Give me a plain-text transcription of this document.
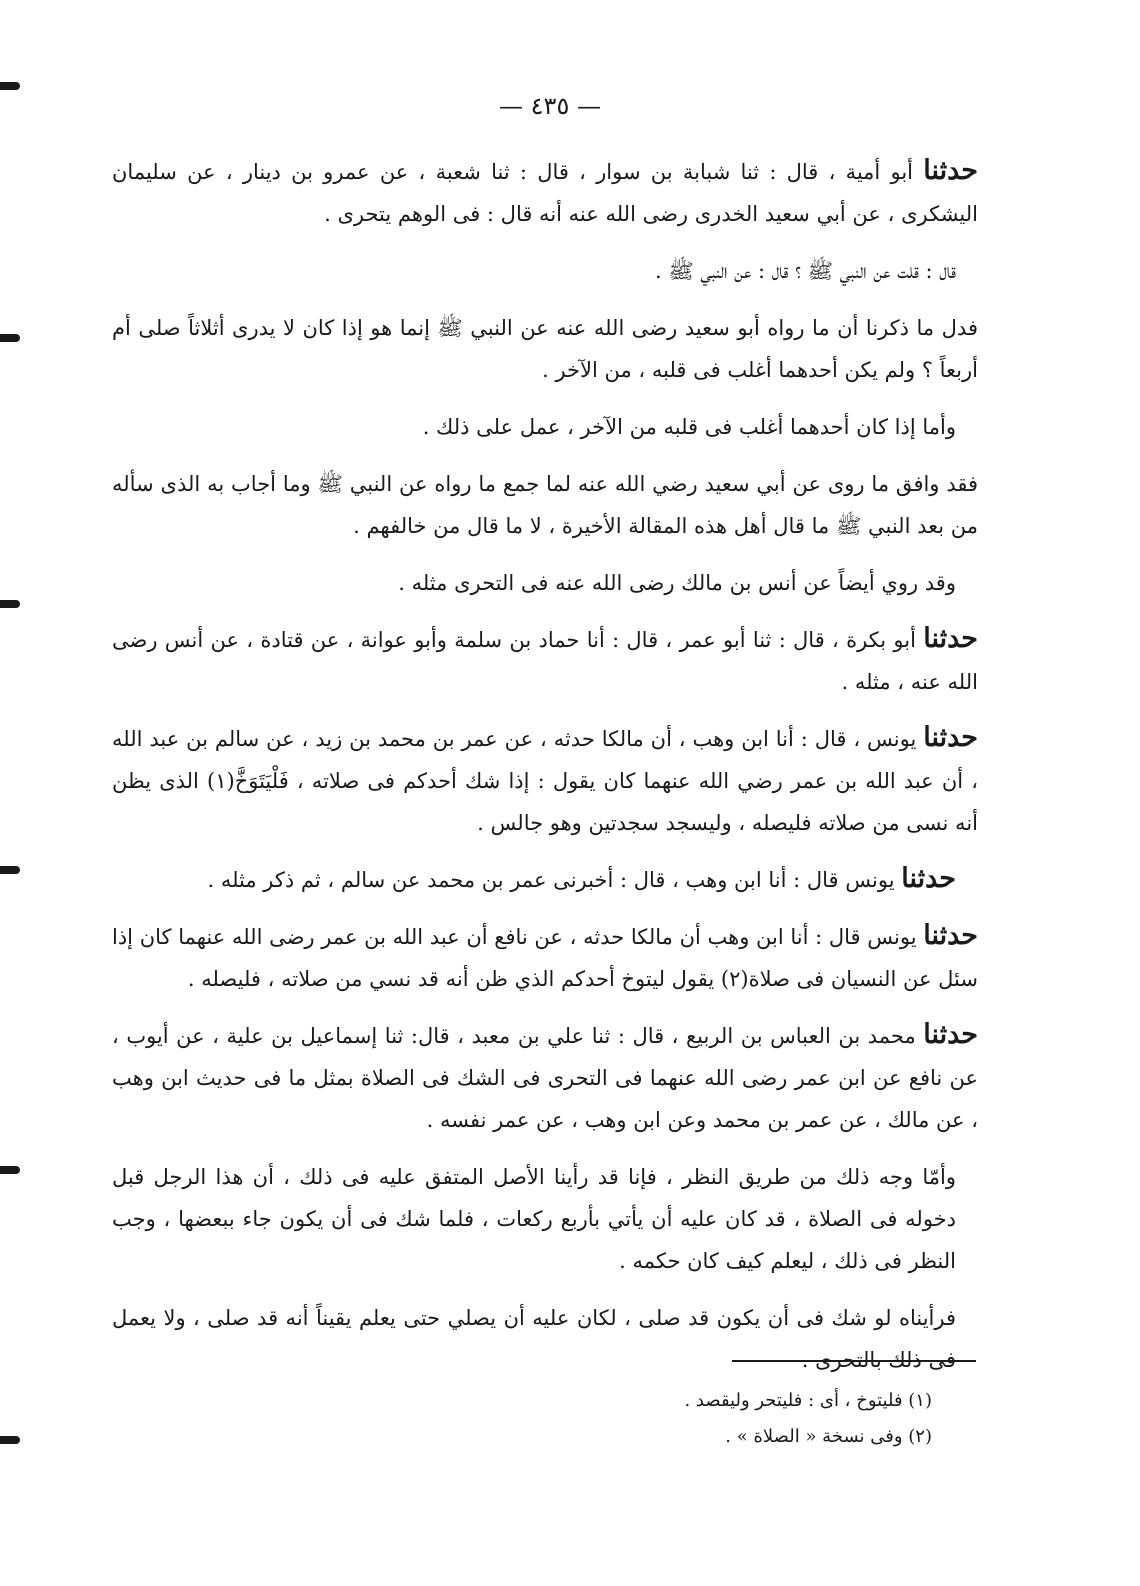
— ٤٣٥ —

حدثنا أبو أمية ، قال : ثنا شبابة بن سوار ، قال : ثنا شعبة ، عن عمرو بن دينار ، عن سليمان اليشكرى ، عن أبي سعيد الخدرى رضى الله عنه أنه قال : فى الوهم يتحرى .

قال : قلت عن النبي ﷺ ؟ قال : عن النبي ﷺ .

فدل ما ذكرنا أن ما رواه أبو سعيد رضى الله عنه عن النبي ﷺ إنما هو إذا كان لا يدرى أثلاثاً صلى أم أربعاً ؟ ولم يكن أحدهما أغلب فى قلبه ، من الآخر .

وأما إذا كان أحدهما أغلب فى قلبه من الآخر ، عمل على ذلك .

فقد وافق ما روى عن أبي سعيد رضي الله عنه لما جمع ما رواه عن النبي ﷺ وما أجاب به الذى سأله من بعد النبي ﷺ ما قال أهل هذه المقالة الأخيرة ، لا ما قال من خالفهم .

وقد روي أيضاً عن أنس بن مالك رضى الله عنه فى التحرى مثله .

حدثنا أبو بكرة ، قال : ثنا أبو عمر ، قال : أنا حماد بن سلمة وأبو عوانة ، عن قتادة ، عن أنس رضى الله عنه ، مثله .

حدثنا يونس ، قال : أنا ابن وهب ، أن مالكا حدثه ، عن عمر بن محمد بن زيد ، عن سالم بن عبد الله ، أن عبد الله بن عمر رضي الله عنهما كان يقول : إذا شك أحدكم فى صلاته ، فَلْيَتَوَخَّ(١) الذى يظن أنه نسى من صلاته فليصله ، وليسجد سجدتين وهو جالس .

حدثنا يونس قال : أنا ابن وهب ، قال : أخبرنى عمر بن محمد عن سالم ، ثم ذكر مثله .

حدثنا يونس قال : أنا ابن وهب أن مالكا حدثه ، عن نافع أن عبد الله بن عمر رضى الله عنهما كان إذا سئل عن النسيان فى صلاة(٢) يقول ليتوخ أحدكم الذي ظن أنه قد نسي من صلاته ، فليصله .

حدثنا محمد بن العباس بن الربيع ، قال : ثنا علي بن معبد ، قال: ثنا إسماعيل بن علية ، عن أيوب ، عن نافع عن ابن عمر رضى الله عنهما فى التحرى فى الشك فى الصلاة بمثل ما فى حديث ابن وهب ، عن مالك ، عن عمر بن محمد وعن ابن وهب ، عن عمر نفسه .

وأمّا وجه ذلك من طريق النظر ، فإنا قد رأينا الأصل المتفق عليه فى ذلك ، أن هذا الرجل قبل دخوله فى الصلاة ، قد كان عليه أن يأتي بأربع ركعات ، فلما شك فى أن يكون جاء ببعضها ، وجب النظر فى ذلك ، ليعلم كيف كان حكمه .

فرأيناه لو شك فى أن يكون قد صلى ، لكان عليه أن يصلي حتى يعلم يقيناً أنه قد صلى ، ولا يعمل فى ذلك بالتحرى .

(١) فليتوخ ، أى : فليتحر وليقصد .
(٢) وفى نسخة « الصلاة » .
